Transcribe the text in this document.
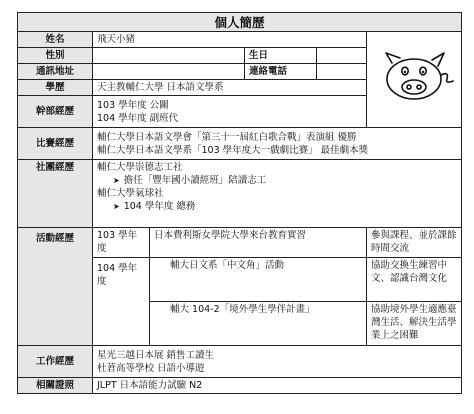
個人簡歷					
姓名	飛天小豬	
性別			生日		
通訊地址			連絡電話		
學歷	天主教輔仁大學 日本語文學系				
幹部經歷	103 學年度 公關
104 學年度 副班代				

比賽經歷	輔仁大學日本語文學會「第三十一屆紅白歌合戰」表演組 優勝
輔仁大學日本語文學系「103 學年度大一戲劇比賽」 最佳劇本獎				

社團經歷	輔仁大學崇德志工社
➤ 擔任「豐年國小讀經班」陪讀志工
輔仁大學氣球社
➤ 104 學年度 總務				

活動經歷	103 學年度	日本費利斯女學院大學來台教育實習			參與課程、並於課餘時間交流
	104 學年度	輔大日文系「中文角」活動			協助交換生練習中文、認識台灣文化
		輔大 104-2「境外學生學伴計畫」			協助境外學生適應臺灣生活、解決生活學業上之困難
工作經歷	星光三越日本展 銷售工讀生
杜莙高等學校 日語小導遊				

相關證照	JLPT 日本語能力試驗 N2				
